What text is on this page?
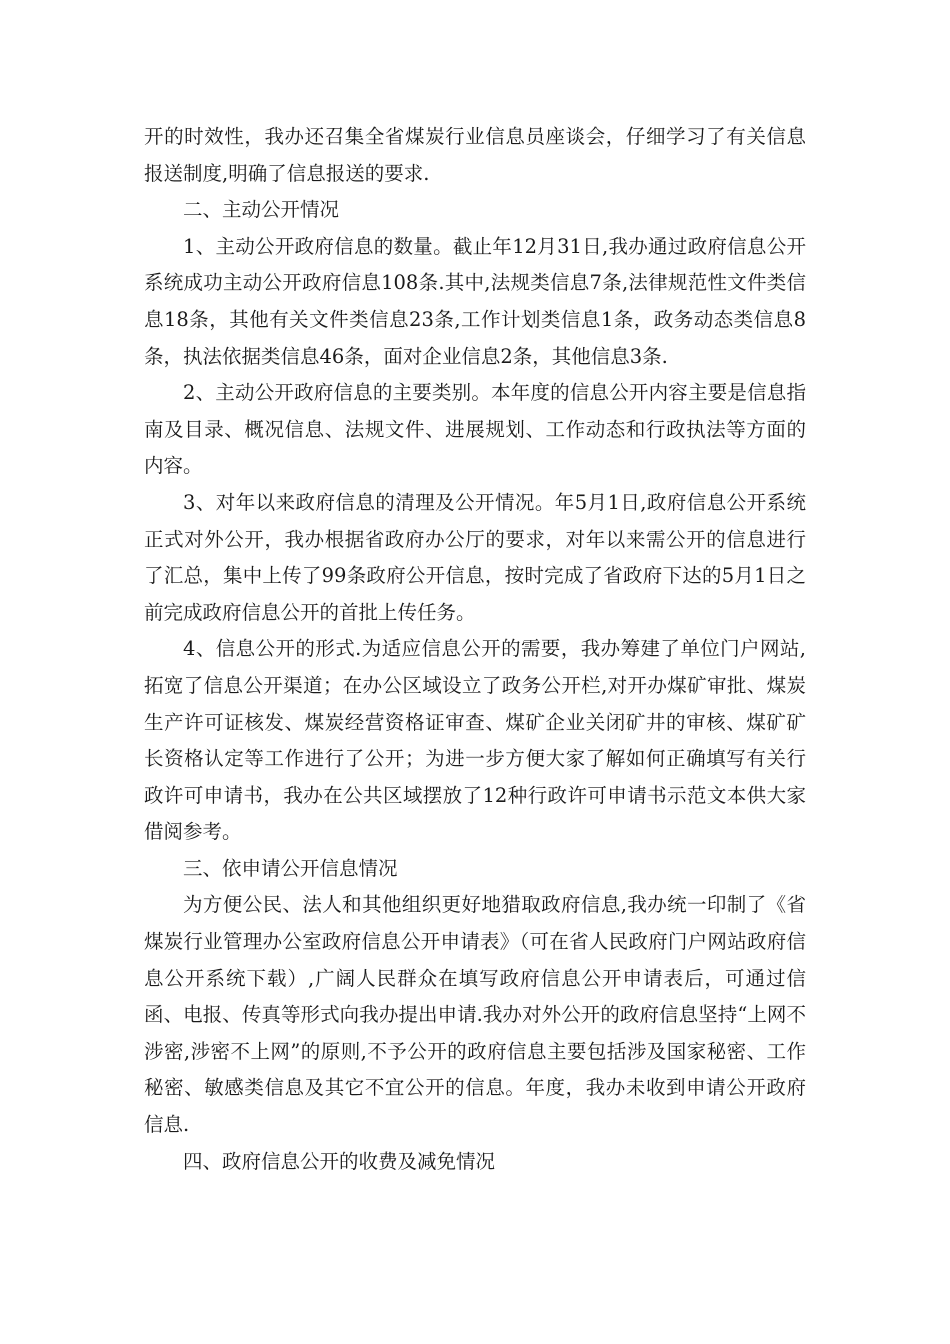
开的时效性，我办还召集全省煤炭行业信息员座谈会，仔细学习了有关信息报送制度,明确了信息报送的要求.

二、主动公开情况

1、主动公开政府信息的数量。截止年12月31日,我办通过政府信息公开系统成功主动公开政府信息108条.其中,法规类信息7条,法律规范性文件类信息18条，其他有关文件类信息23条,工作计划类信息1条，政务动态类信息8条，执法依据类信息46条，面对企业信息2条，其他信息3条.

2、主动公开政府信息的主要类别。本年度的信息公开内容主要是信息指南及目录、概况信息、法规文件、进展规划、工作动态和行政执法等方面的内容。

3、对年以来政府信息的清理及公开情况。年5月1日,政府信息公开系统正式对外公开，我办根据省政府办公厅的要求，对年以来需公开的信息进行了汇总，集中上传了99条政府公开信息，按时完成了省政府下达的5月1日之前完成政府信息公开的首批上传任务。

4、信息公开的形式.为适应信息公开的需要，我办筹建了单位门户网站,拓宽了信息公开渠道；在办公区域设立了政务公开栏,对开办煤矿审批、煤炭生产许可证核发、煤炭经营资格证审查、煤矿企业关闭矿井的审核、煤矿矿长资格认定等工作进行了公开；为进一步方便大家了解如何正确填写有关行政许可申请书，我办在公共区域摆放了12种行政许可申请书示范文本供大家借阅参考。

三、依申请公开信息情况

为方便公民、法人和其他组织更好地猎取政府信息,我办统一印制了《省煤炭行业管理办公室政府信息公开申请表》（可在省人民政府门户网站政府信息公开系统下载）,广阔人民群众在填写政府信息公开申请表后，可通过信函、电报、传真等形式向我办提出申请.我办对外公开的政府信息坚持“上网不涉密,涉密不上网”的原则,不予公开的政府信息主要包括涉及国家秘密、工作秘密、敏感类信息及其它不宜公开的信息。年度，我办未收到申请公开政府信息.

四、政府信息公开的收费及减免情况
